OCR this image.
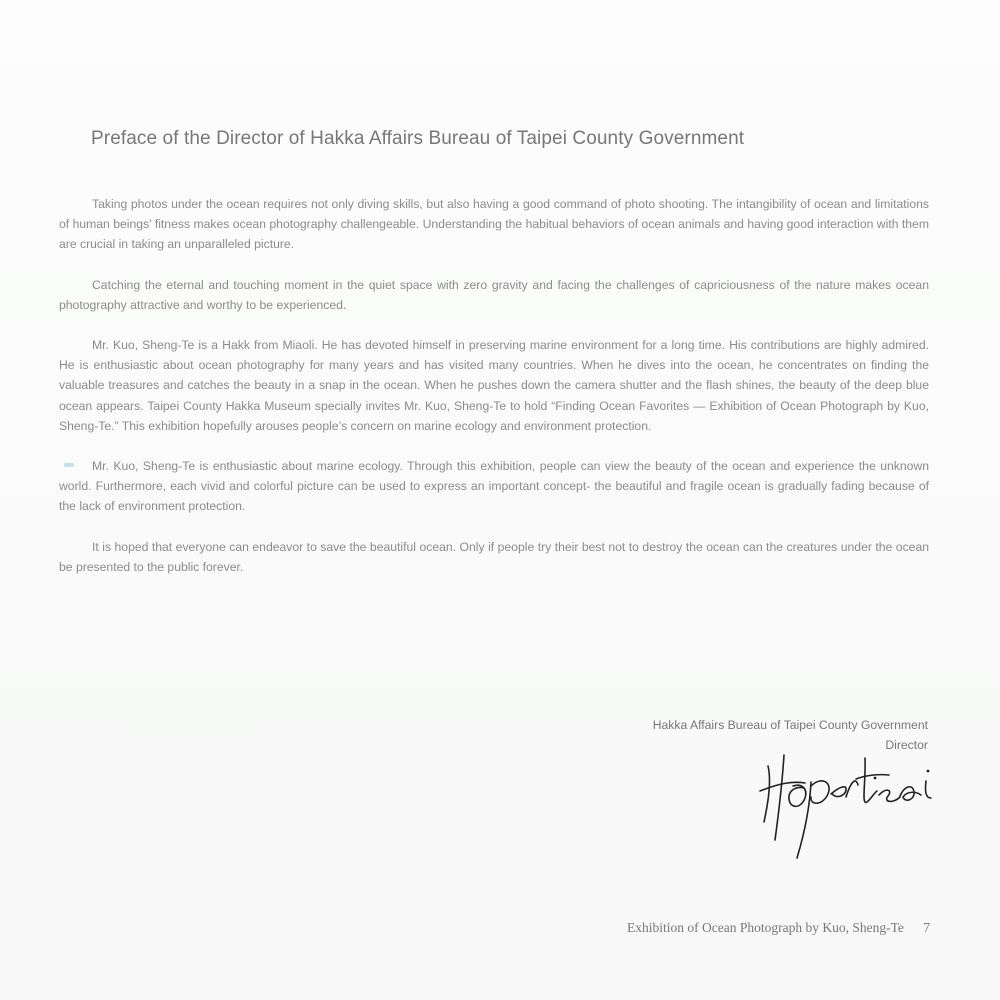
Preface of the Director of Hakka Affairs Bureau of Taipei County Government

Taking photos under the ocean requires not only diving skills, but also having a good command of photo shooting. The intangibility of ocean and limitations of human beings’ fitness makes ocean photography challengeable. Understanding the habitual behaviors of ocean animals and having good interaction with them are crucial in taking an unparalleled picture.

Catching the eternal and touching moment in the quiet space with zero gravity and facing the challenges of capriciousness of the nature makes ocean photography attractive and worthy to be experienced.

Mr. Kuo, Sheng-Te is a Hakk from Miaoli. He has devoted himself in preserving marine environment for a long time. His contributions are highly admired. He is enthusiastic about ocean photography for many years and has visited many countries. When he dives into the ocean, he concentrates on finding the valuable treasures and catches the beauty in a snap in the ocean. When he pushes down the camera shutter and the flash shines, the beauty of the deep blue ocean appears. Taipei County Hakka Museum specially invites Mr. Kuo, Sheng-Te to hold “Finding Ocean Favorites — Exhibition of Ocean Photograph by Kuo, Sheng-Te.” This exhibition hopefully arouses people’s concern on marine ecology and environment protection.

Mr. Kuo, Sheng-Te is enthusiastic about marine ecology. Through this exhibition, people can view the beauty of the ocean and experience the unknown world. Furthermore, each vivid and colorful picture can be used to express an important concept- the beautiful and fragile ocean is gradually fading because of the lack of environment protection.

It is hoped that everyone can endeavor to save the beautiful ocean. Only if people try their best not to destroy the ocean can the creatures under the ocean be presented to the public forever.

Hakka Affairs Bureau of Taipei County Government
Director
Exhibition of Ocean Photograph by Kuo, Sheng-Te 7
